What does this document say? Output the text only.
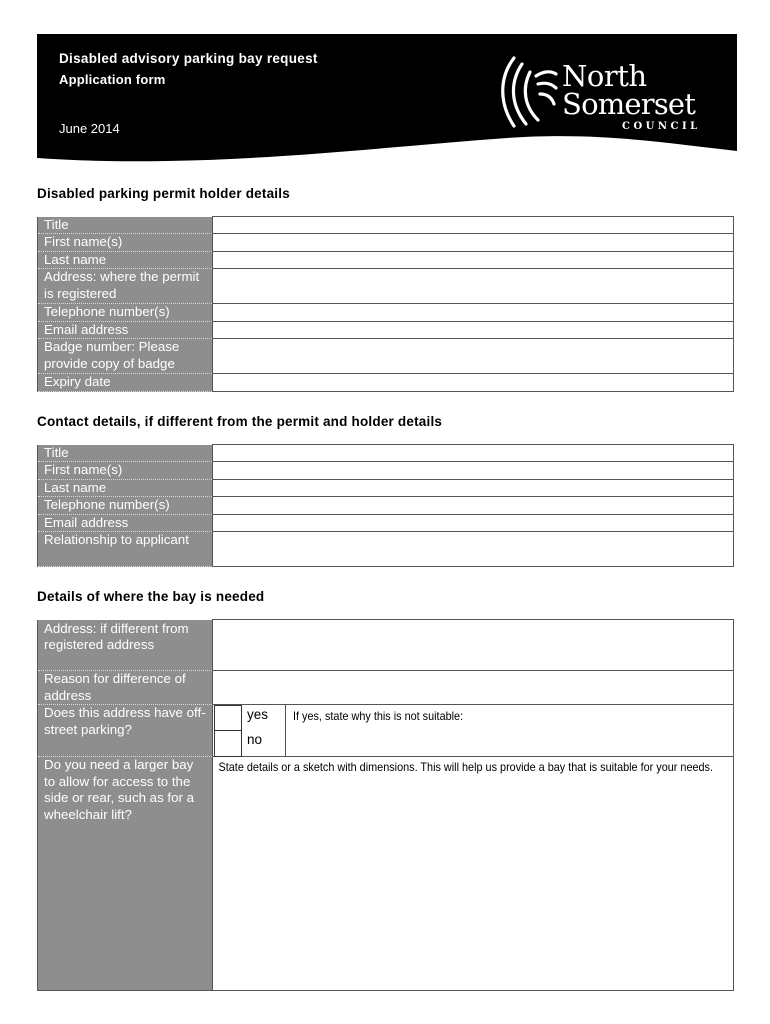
Disabled advisory parking bay request
Application form
June 2014
North
Somerset
COUNCIL
Disabled parking permit holder details
Title	
First name(s)	
Last name	
Address: where the permit is registered	
Telephone number(s)	
Email address	
Badge number: Please provide copy of badge	
Expiry date	
Contact details, if different from the permit and holder details
Title	
First name(s)	
Last name	
Telephone number(s)	
Email address	
Relationship to applicant	
Details of where the bay is needed
Address: if different from registered address	
Reason for difference of address	
Does this address have off-street parking?	yes
no
If yes, state why this is not suitable:

Do you need a larger bay to allow for access to the side or rear, such as for a wheelchair lift?	State details or a sketch with dimensions. This will help us provide a bay that is suitable for your needs.
